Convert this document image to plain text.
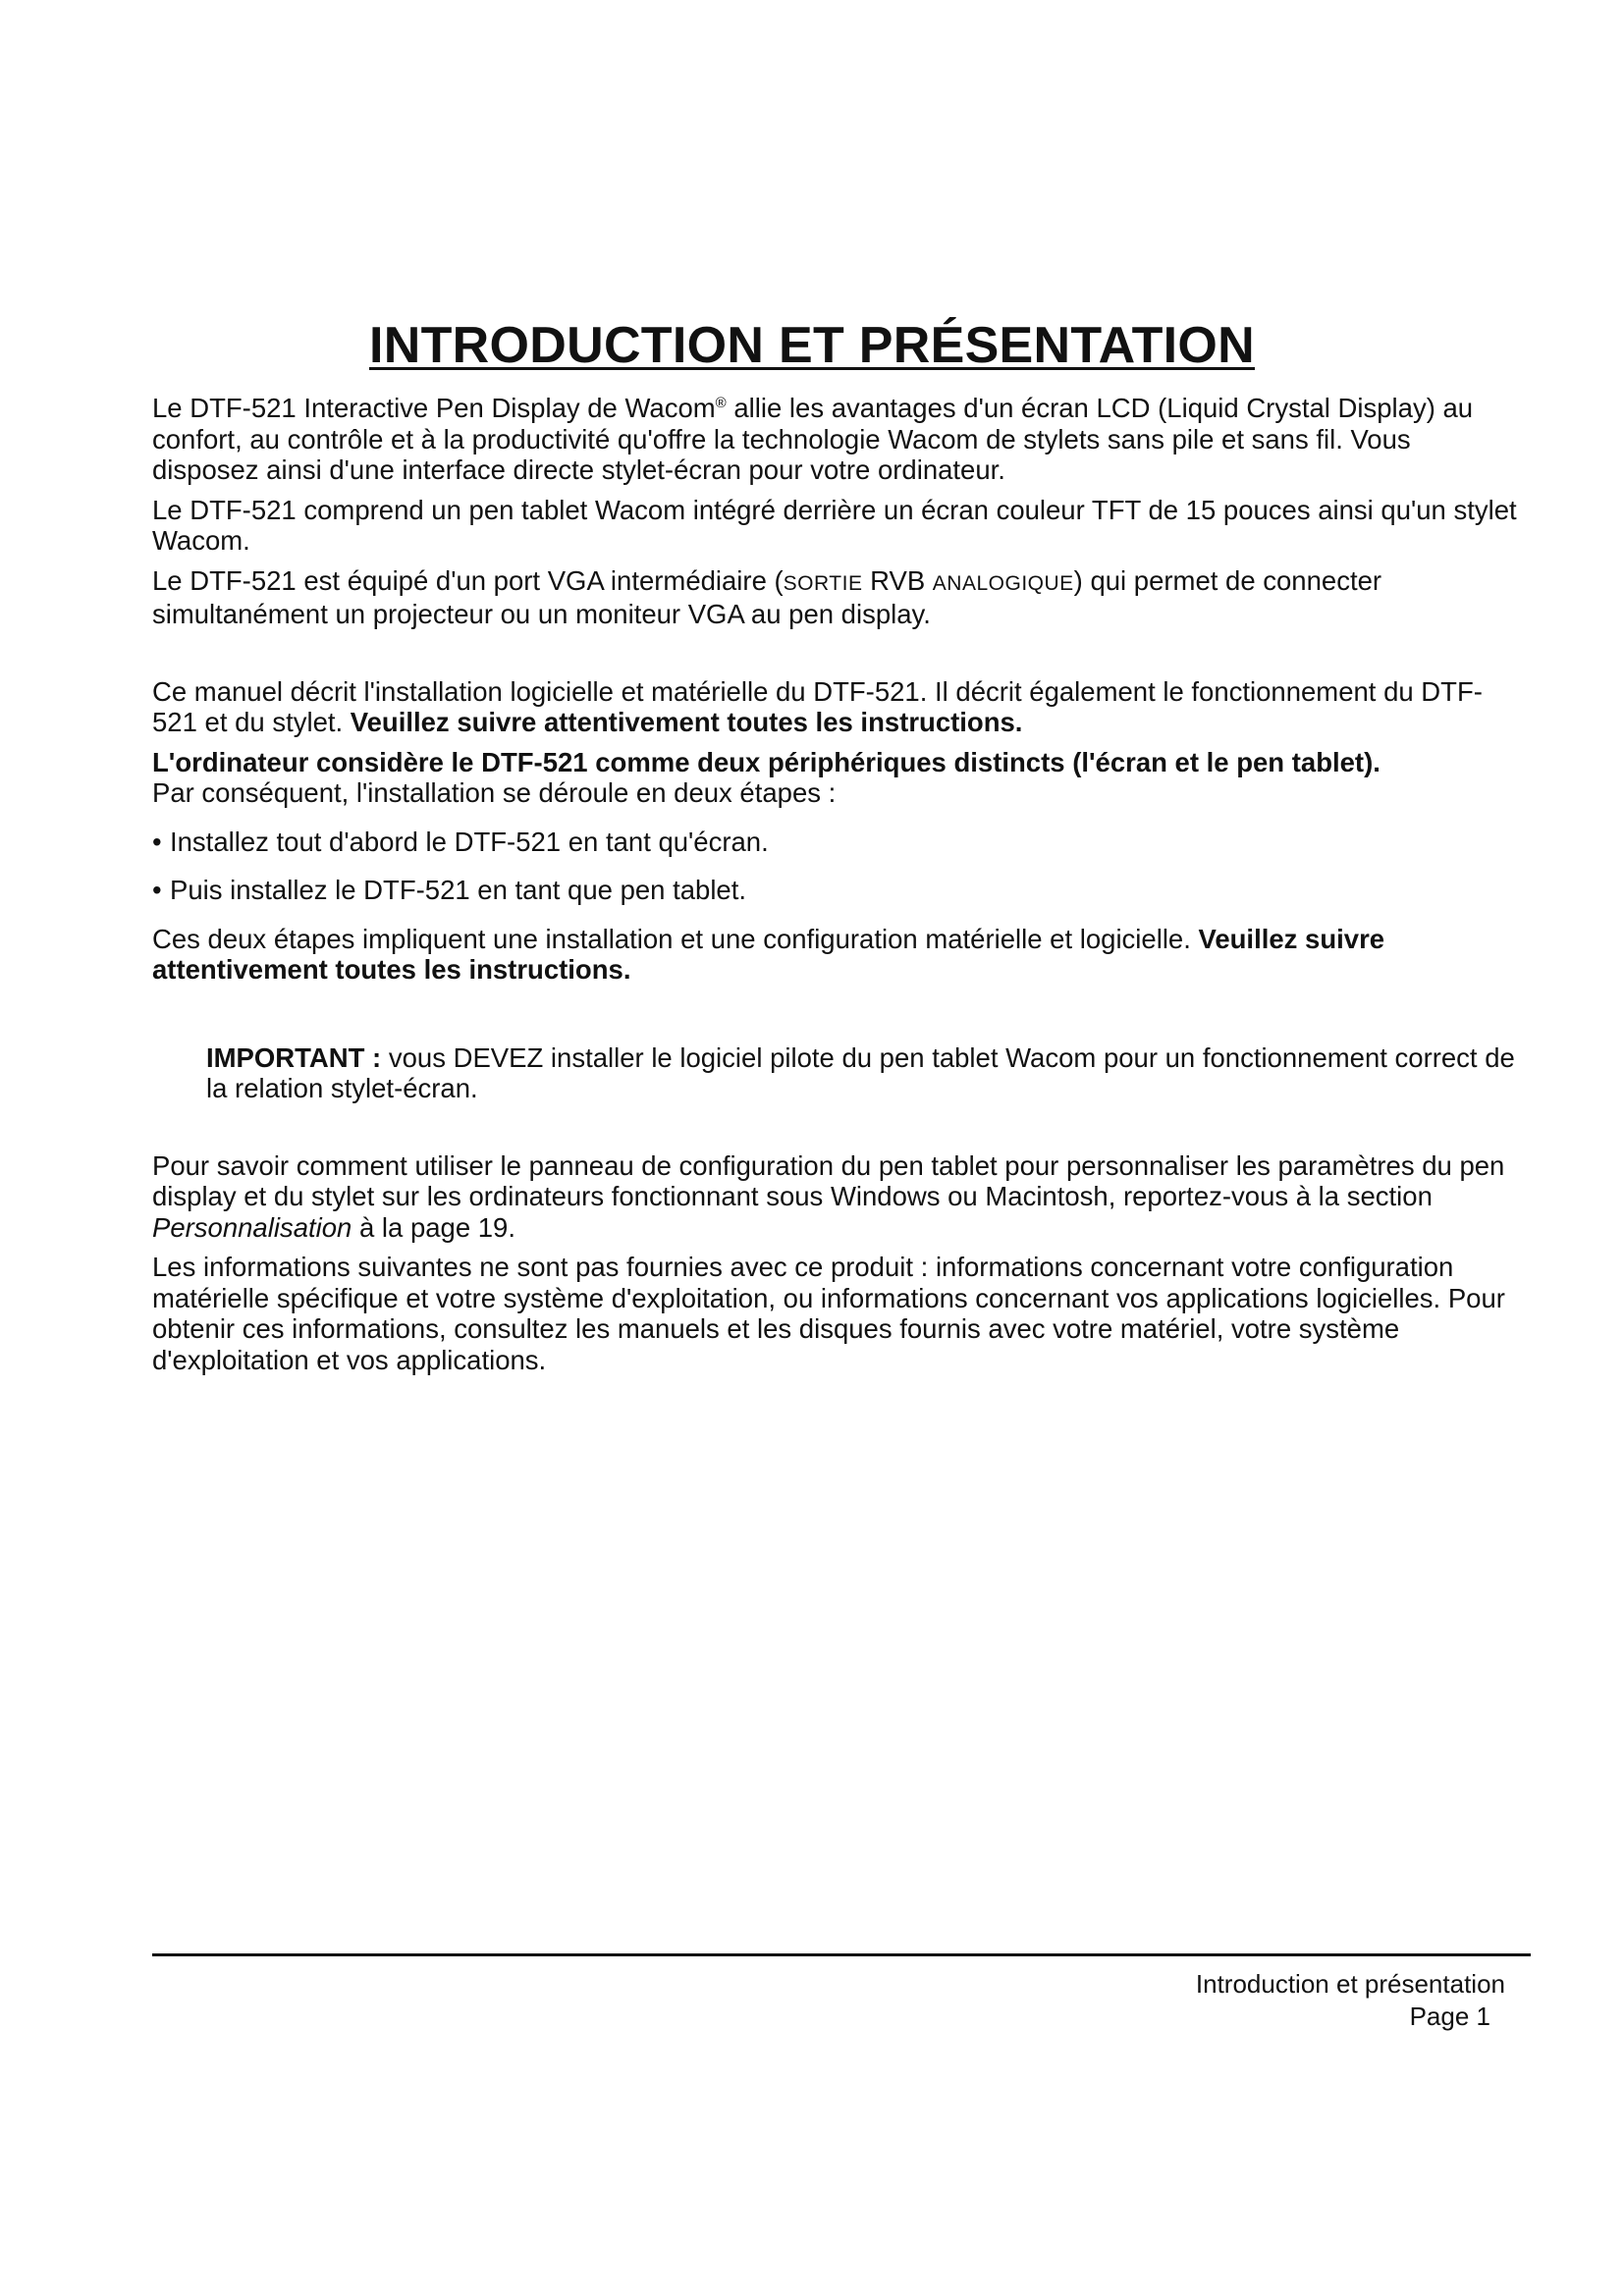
INTRODUCTION ET PRÉSENTATION

Le DTF-521 Interactive Pen Display de Wacom® allie les avantages d'un écran LCD (Liquid Crystal Display) au confort, au contrôle et à la productivité qu'offre la technologie Wacom de stylets sans pile et sans fil. Vous disposez ainsi d'une interface directe stylet-écran pour votre ordinateur.

Le DTF-521 comprend un pen tablet Wacom intégré derrière un écran couleur TFT de 15 pouces ainsi qu'un stylet Wacom.

Le DTF-521 est équipé d'un port VGA intermédiaire (SORTIE RVB ANALOGIQUE) qui permet de connecter simultanément un projecteur ou un moniteur VGA au pen display.

Ce manuel décrit l'installation logicielle et matérielle du DTF-521. Il décrit également le fonctionnement du DTF-521 et du stylet. Veuillez suivre attentivement toutes les instructions.

L'ordinateur considère le DTF-521 comme deux périphériques distincts (l'écran et le pen tablet).
Par conséquent, l'installation se déroule en deux étapes :

• Installez tout d'abord le DTF-521 en tant qu'écran.

• Puis installez le DTF-521 en tant que pen tablet.

Ces deux étapes impliquent une installation et une configuration matérielle et logicielle. Veuillez suivre attentivement toutes les instructions.

IMPORTANT : vous DEVEZ installer le logiciel pilote du pen tablet Wacom pour un fonctionnement correct de la relation stylet-écran.

Pour savoir comment utiliser le panneau de configuration du pen tablet pour personnaliser les paramètres du pen display et du stylet sur les ordinateurs fonctionnant sous Windows ou Macintosh, reportez-vous à la section Personnalisation à la page 19.

Les informations suivantes ne sont pas fournies avec ce produit : informations concernant votre configuration matérielle spécifique et votre système d'exploitation, ou informations concernant vos applications logicielles. Pour obtenir ces informations, consultez les manuels et les disques fournis avec votre matériel, votre système d'exploitation et vos applications.

Introduction et présentation
Page 1
